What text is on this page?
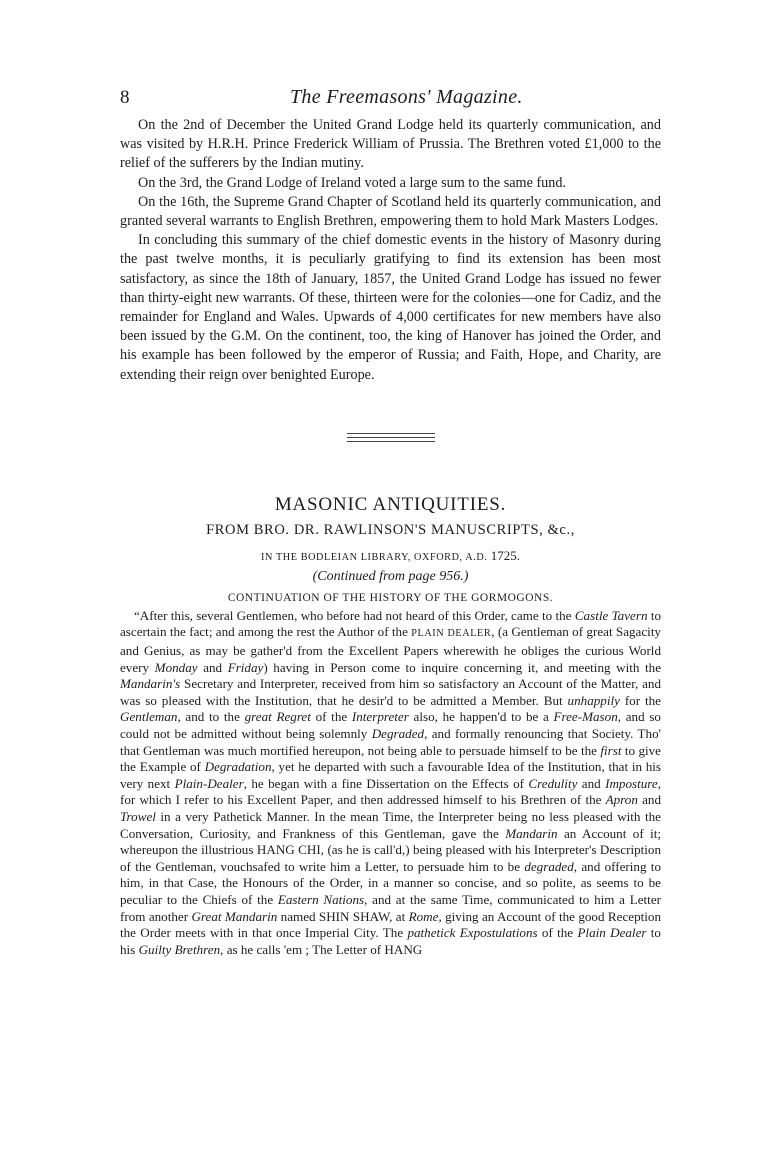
8	The Freemasons' Magazine.

On the 2nd of December the United Grand Lodge held its quarterly communication, and was visited by H.R.H. Prince Frederick William of Prussia. The Brethren voted £1,000 to the relief of the sufferers by the Indian mutiny.

On the 3rd, the Grand Lodge of Ireland voted a large sum to the same fund.

On the 16th, the Supreme Grand Chapter of Scotland held its quarterly communication, and granted several warrants to English Brethren, empowering them to hold Mark Masters Lodges.

In concluding this summary of the chief domestic events in the history of Masonry during the past twelve months, it is peculiarly gratifying to find its extension has been most satisfactory, as since the 18th of January, 1857, the United Grand Lodge has issued no fewer than thirty-eight new warrants. Of these, thirteen were for the colonies—one for Cadiz, and the remainder for England and Wales. Upwards of 4,000 certificates for new members have also been issued by the G.M. On the continent, too, the king of Hanover has joined the Order, and his example has been followed by the emperor of Russia; and Faith, Hope, and Charity, are extending their reign over benighted Europe.

MASONIC ANTIQUITIES.
FROM BRO. DR. RAWLINSON'S MANUSCRIPTS, &c.,
IN THE BODLEIAN LIBRARY, OXFORD, A.D. 1725.
(Continued from page 956.)
CONTINUATION OF THE HISTORY OF THE GORMOGONS.

“After this, several Gentlemen, who before had not heard of this Order, came to the Castle Tavern to ascertain the fact; and among the rest the Author of the PLAIN DEALER, (a Gentleman of great Sagacity and Genius, as may be gather'd from the Excellent Papers wherewith he obliges the curious World every Monday and Friday) having in Person come to inquire concerning it, and meeting with the Mandarin's Secretary and Interpreter, received from him so satisfactory an Account of the Matter, and was so pleased with the Institution, that he desir'd to be admitted a Member. But unhappily for the Gentleman, and to the great Regret of the Interpreter also, he happen'd to be a Free-Mason, and so could not be admitted without being solemnly Degraded, and formally renouncing that Society. Tho' that Gentleman was much mortified hereupon, not being able to persuade himself to be the first to give the Example of Degradation, yet he departed with such a favourable Idea of the Institution, that in his very next Plain-Dealer, he began with a fine Dissertation on the Effects of Credulity and Imposture, for which I refer to his Excellent Paper, and then addressed himself to his Brethren of the Apron and Trowel in a very Pathetick Manner. In the mean Time, the Interpreter being no less pleased with the Conversation, Curiosity, and Frankness of this Gentleman, gave the Mandarin an Account of it; whereupon the illustrious HANG CHI, (as he is call'd,) being pleased with his Interpreter's Description of the Gentleman, vouchsafed to write him a Letter, to persuade him to be degraded, and offering to him, in that Case, the Honours of the Order, in a manner so concise, and so polite, as seems to be peculiar to the Chiefs of the Eastern Nations, and at the same Time, communicated to him a Letter from another Great Mandarin named SHIN SHAW, at Rome, giving an Account of the good Reception the Order meets with in that once Imperial City. The pathetick Expostulations of the Plain Dealer to his Guilty Brethren, as he calls 'em ; The Letter of HANG
